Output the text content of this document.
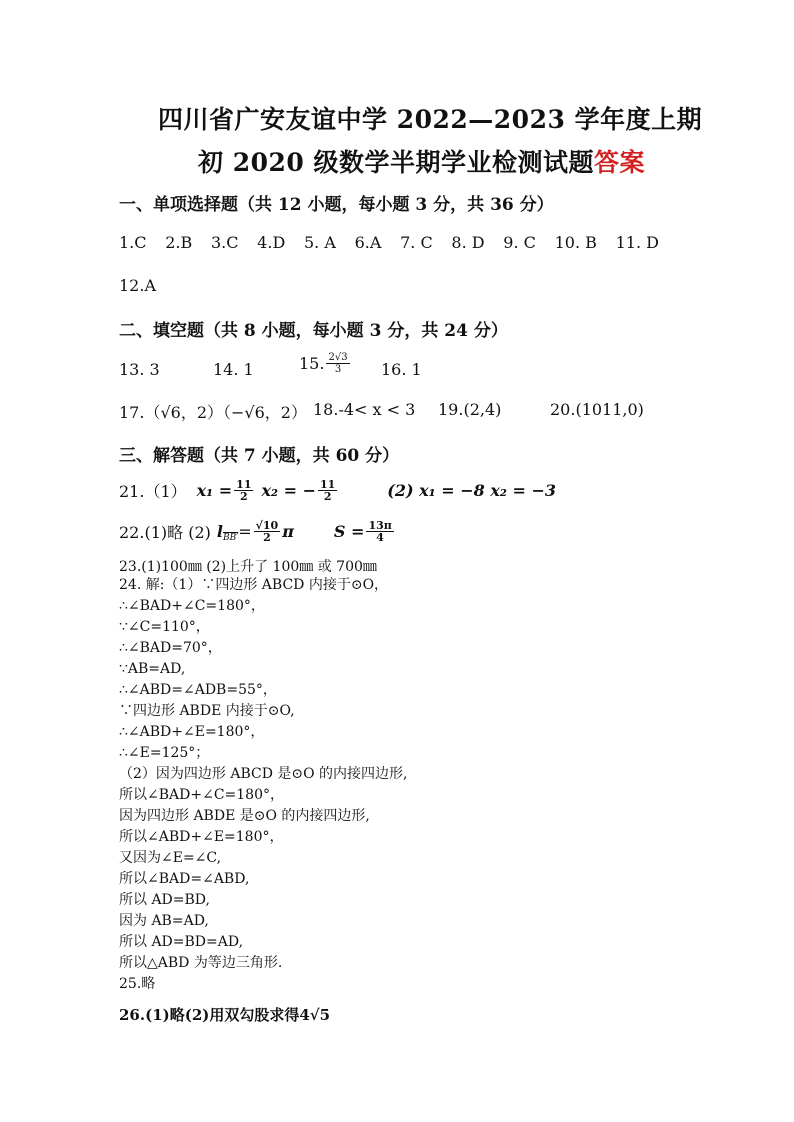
四川省广安友谊中学 2022—2023 学年度上期
初 2020 级数学半期学业检测试题答案
一、单项选择题（共 12 小题，每小题 3 分，共 36 分）
1.C 2.B 3.C 4.D 5. A 6.A 7. C 8. D 9. C 10. B 11. D
12.A
二、填空题（共 8 小题，每小题 3 分，共 24 分）
13. 3	14. 1	15. $\frac{2√3}{3} 16$. 1
17.（√6，2）（−√6，2） 18.-4< x < 3 19.(2,4)	20.(1011,0)
三、解答题（共 7 小题，共 60 分）
21.（1） $x_1 = \frac{11}{2} x_2$ = − $\frac{11}{2}$	(2) x₁ = −8 x₂ = −3
22.(1)略 (2) l $BB' = \frac{√10}{2}$ π	$S = \frac{13\pi}{4}$
23.(1)100㎜ (2)上升了 100㎜ 或 700㎜
24. 解:（1）∵四边形 ABCD 内接于⊙O，
∴∠BAD+∠C=180°，
∵∠C=110°，
∴∠BAD=70°，
∵AB=AD,
∴∠ABD=∠ADB=55°，
∵四边形 ABDE 内接于⊙O,
∴∠ABD+∠E=180°，
∴∠E=125°；
（2）因为四边形 ABCD 是⊙O 的内接四边形,
所以∠BAD+∠C=180°，
因为四边形 ABDE 是⊙O 的内接四边形,
所以∠ABD+∠E=180°，
又因为∠E=∠C,
所以∠BAD=∠ABD,
所以 AD=BD,
因为 AB=AD,
所以 AD=BD=AD,
所以△ABD 为等边三角形.
25.略
26.(1)略(2)用双勾股求得4√5
